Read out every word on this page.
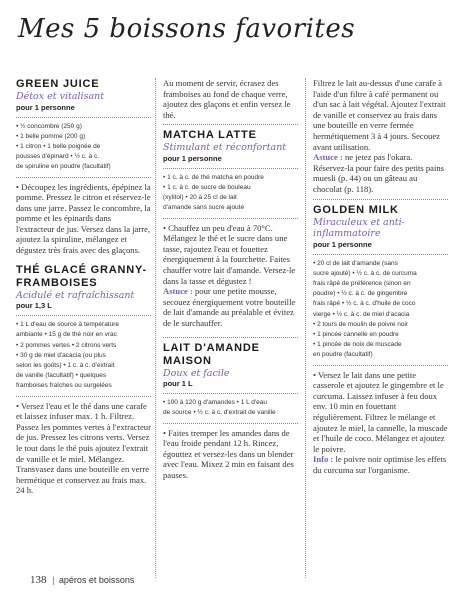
Mes 5 boissons favorites
GREEN JUICE
Détox et vitalisant
pour 1 personne

• ½ concombre (250 g)

• 1 belle pomme (200 g)

• 1 citron • 1 belle poignée de

pousses d'épinard • ½ c. à c.

de spiruline en poudre (facultatif)

• Découpez les ingrédients, épépinez la pomme. Pressez le citron et réservez-le dans une jarre. Passez le concombre, la pomme et les épinards dans l'extracteur de jus. Versez dans la jarre, ajoutez la spiruline, mélangez et dégustez très frais avec des glaçons.

THÉ GLACÉ GRANNY-FRAMBOISES
Acidulé et rafraîchissant
pour 1,3 L

• 1 L d'eau de source à température

ambiante • 15 g de thé noir en vrac

• 2 pommes vertes • 2 citrons verts

• 30 g de miel d'acacia (ou plus

selon les goûts) • 1 c. à c. d'extrait

de vanille (facultatif) • quelques

framboises fraîches ou surgelées

• Versez l'eau et le thé dans une carafe et laissez infuser max. 1 h. Filtrez. Passez les pommes vertes à l'extracteur de jus. Pressez les citrons verts. Versez le tout dans le thé puis ajoutez l'extrait de vanille et le miel. Mélangez. Transvasez dans une bouteille en verre hermétique et conservez au frais max. 24 h.

Au moment de servir, écrasez des framboises au fond de chaque verre, ajoutez des glaçons et enfin versez le thé.

MATCHA LATTE
Stimulant et réconfortant
pour 1 personne

• 1 c. à c. de thé matcha en poudre

• 1 c. à c. de sucre de bouleau

(xylitol) • 20 à 25 cl de lait

d'amande sans sucre ajouté

• Chauffez un peu d'eau à 70°C. Mélangez le thé et le sucre dans une tasse, rajoutez l'eau et fouettez énergiquement à la fourchette. Faites chauffer votre lait d'amande. Versez-le dans la tasse et dégustez !

Astuce : pour une petite mousse, secouez énergiquement votre bouteille de lait d'amande au préalable et évitez de le surchauffer.

LAIT D'AMANDE MAISON
Doux et facile
pour 1 L

• 100 à 120 g d'amandes • 1 L d'eau

de source • ½ c. à c. d'extrait de vanille

• Faites tremper les amandes dans de l'eau froide pendant 12 h. Rincez, égouttez et versez-les dans un blender avec l'eau. Mixez 2 min en faisant des pauses.

Filtrez le lait au-dessus d'une carafe à l'aide d'un filtre à café permanent ou d'un sac à lait végétal. Ajoutez l'extrait de vanille et conservez au frais dans une bouteille en verre fermée hermétiquement 3 à 4 jours. Secouez avant utilisation.

Astuce : ne jetez pas l'okara. Réservez-la pour faire des petits pains muesli (p. 44) ou un gâteau au chocolat (p. 118).

GOLDEN MILK
Miraculeux et anti-inflammatoire
pour 1 personne

• 20 cl de lait d'amande (sans

sucre ajouté) • ½ c. à c. de curcuma

frais râpé de préférence (sinon en

poudre) • ½ c. à c. de gingembre

frais râpé • ½ c. à c. d'huile de coco

vierge • ½ c. à c. de miel d'acacia

• 2 tours de moulin de poivre noir

• 1 pincée cannelle en poudre

• 1 pincée de noix de muscade

en poudre (facultatif)

• Versez le lait dans une petite casserole et ajoutez le gingembre et le curcuma. Laissez infuser à feu doux env. 10 min en fouettant régulièrement. Filtrez le mélange et ajoutez le miel, la cannelle, la muscade et l'huile de coco. Mélangez et ajoutez le poivre.

Info : le poivre noir optimise les effets du curcuma sur l'organisme.

138 | apéros et boissons
